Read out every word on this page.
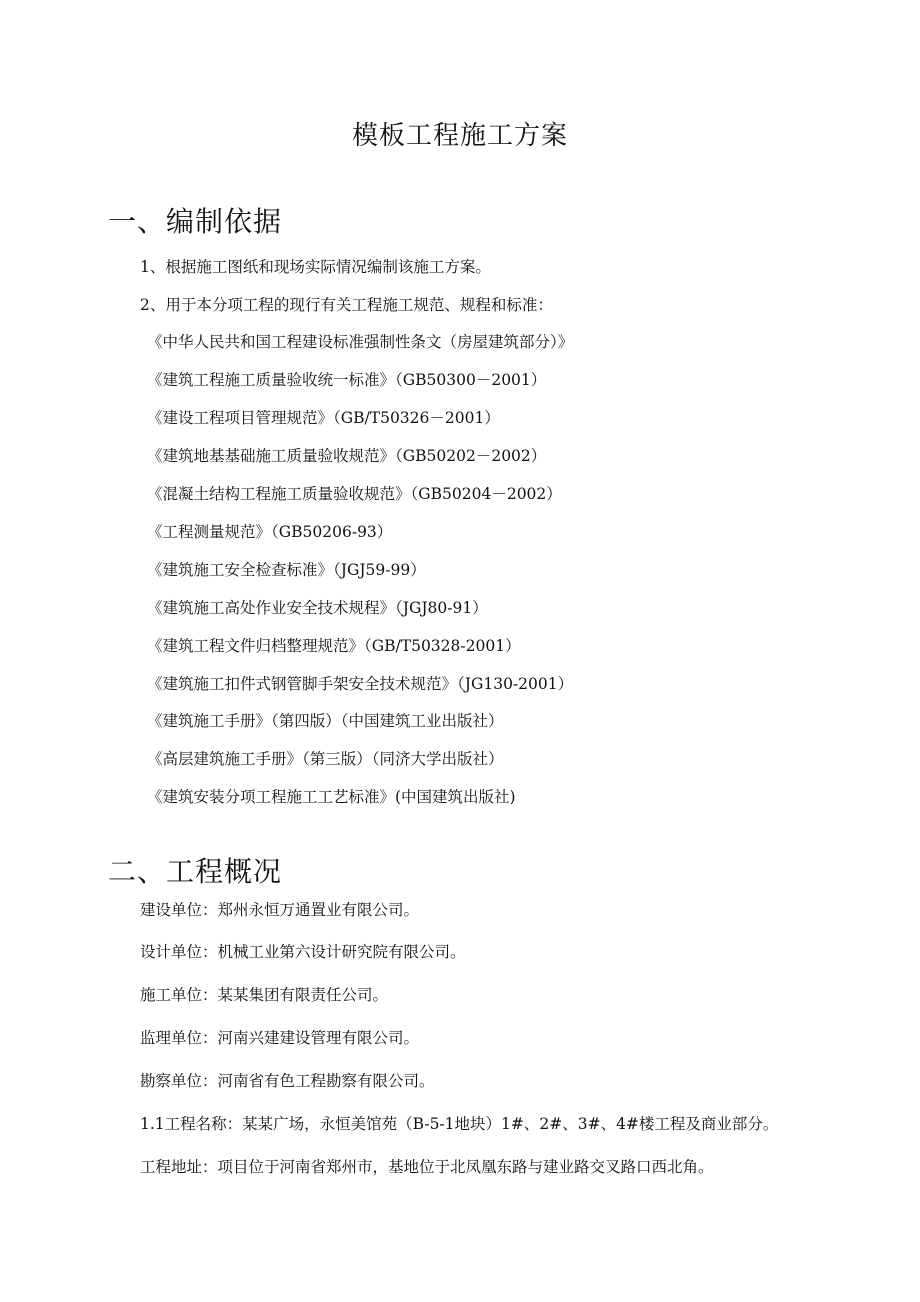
模板工程施工方案
一、编制依据
1、根据施工图纸和现场实际情况编制该施工方案。
2、用于本分项工程的现行有关工程施工规范、规程和标准：
《中华人民共和国工程建设标准强制性条文（房屋建筑部分）》
《建筑工程施工质量验收统一标准》（GB50300－2001）
《建设工程项目管理规范》（GB/T50326－2001）
《建筑地基基础施工质量验收规范》（GB50202－2002）
《混凝土结构工程施工质量验收规范》（GB50204－2002）
《工程测量规范》（GB50206-93）
《建筑施工安全检查标准》（JGJ59-99）
《建筑施工高处作业安全技术规程》（JGJ80-91）
《建筑工程文件归档整理规范》（GB/T50328-2001）
《建筑施工扣件式钢管脚手架安全技术规范》（JG130-2001）
《建筑施工手册》（第四版）（中国建筑工业出版社）
《高层建筑施工手册》（第三版）（同济大学出版社）
《建筑安装分项工程施工工艺标准》(中国建筑出版社)
二、工程概况
建设单位：郑州永恒万通置业有限公司。
设计单位：机械工业第六设计研究院有限公司。
施工单位：某某集团有限责任公司。
监理单位：河南兴建建设管理有限公司。
勘察单位：河南省有色工程勘察有限公司。
1.1工程名称：某某广场，永恒美馆苑（B-5-1地块）1#、2#、3#、4#楼工程及商业部分。
工程地址：项目位于河南省郑州市，基地位于北凤凰东路与建业路交叉路口西北角。
